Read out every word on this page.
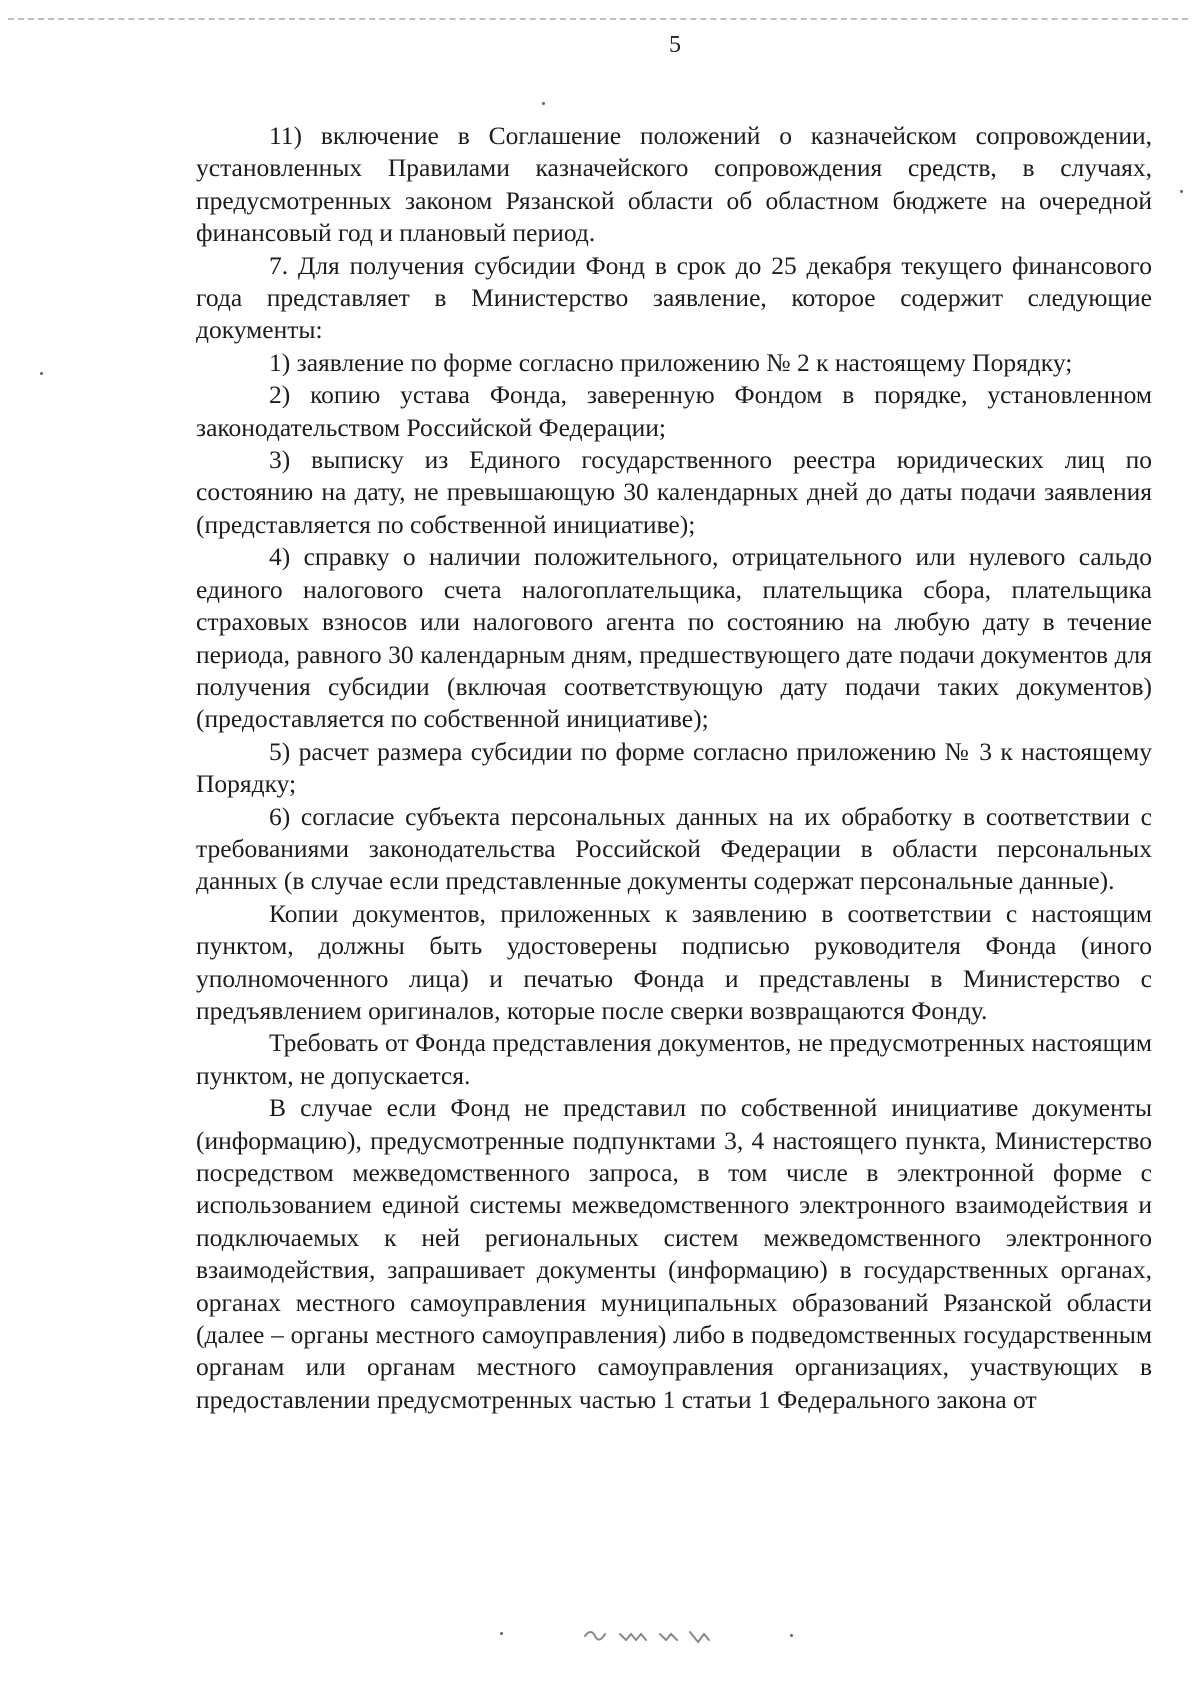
5

11) включение в Соглашение положений о казначейском сопровождении, установленных Правилами казначейского сопровождения средств, в случаях, предусмотренных законом Рязанской области об областном бюджете на очередной финансовый год и плановый период.

7. Для получения субсидии Фонд в срок до 25 декабря текущего финансового года представляет в Министерство заявление, которое содержит следующие документы:

1) заявление по форме согласно приложению № 2 к настоящему Порядку;

2) копию устава Фонда, заверенную Фондом в порядке, установленном законодательством Российской Федерации;

3) выписку из Единого государственного реестра юридических лиц по состоянию на дату, не превышающую 30 календарных дней до даты подачи заявления (представляется по собственной инициативе);

4) справку о наличии положительного, отрицательного или нулевого сальдо единого налогового счета налогоплательщика, плательщика сбора, плательщика страховых взносов или налогового агента по состоянию на любую дату в течение периода, равного 30 календарным дням, предшествующего дате подачи документов для получения субсидии (включая соответствующую дату подачи таких документов) (предоставляется по собственной инициативе);

5) расчет размера субсидии по форме согласно приложению № 3 к настоящему Порядку;

6) согласие субъекта персональных данных на их обработку в соответствии с требованиями законодательства Российской Федерации в области персональных данных (в случае если представленные документы содержат персональные данные).

Копии документов, приложенных к заявлению в соответствии с настоящим пунктом, должны быть удостоверены подписью руководителя Фонда (иного уполномоченного лица) и печатью Фонда и представлены в Министерство с предъявлением оригиналов, которые после сверки возвращаются Фонду.

Требовать от Фонда представления документов, не предусмотренных настоящим пунктом, не допускается.

В случае если Фонд не представил по собственной инициативе документы (информацию), предусмотренные подпунктами 3, 4 настоящего пункта, Министерство посредством межведомственного запроса, в том числе в электронной форме с использованием единой системы межведомственного электронного взаимодействия и подключаемых к ней региональных систем межведомственного электронного взаимодействия, запрашивает документы (информацию) в государственных органах, органах местного самоуправления муниципальных образований Рязанской области (далее – органы местного самоуправления) либо в подведомственных государственным органам или органам местного самоуправления организациях, участвующих в предоставлении предусмотренных частью 1 статьи 1 Федерального закона от
